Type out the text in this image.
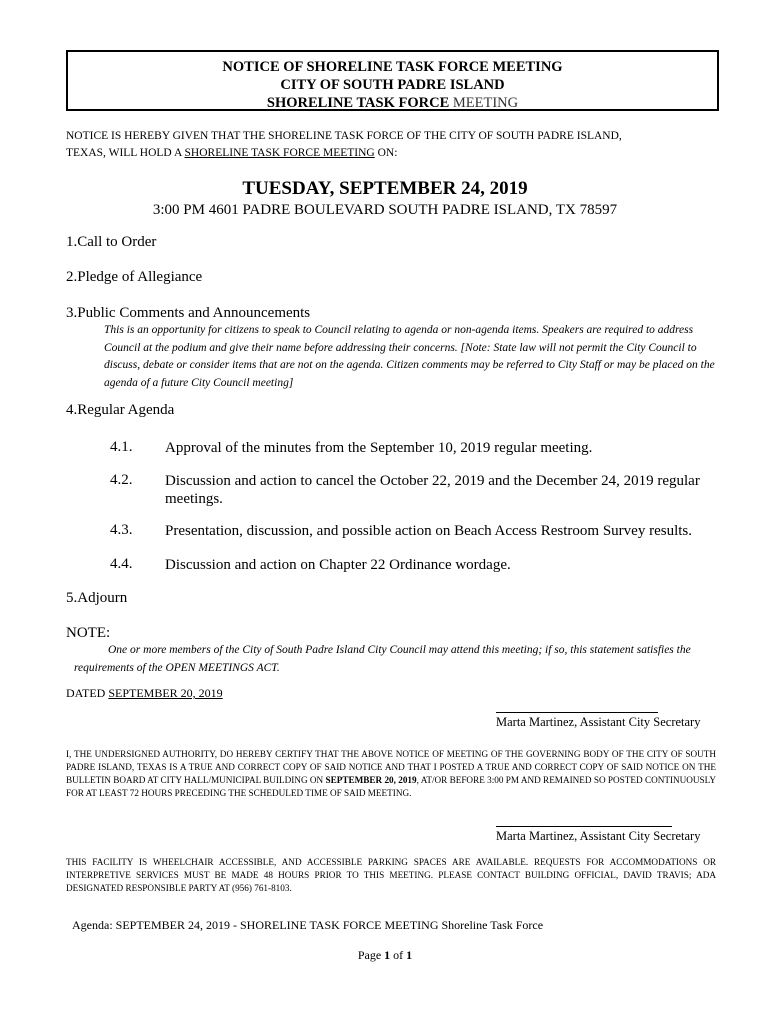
NOTICE OF SHORELINE TASK FORCE MEETING
CITY OF SOUTH PADRE ISLAND
SHORELINE TASK FORCE MEETING
NOTICE IS HEREBY GIVEN THAT THE SHORELINE TASK FORCE OF THE CITY OF SOUTH PADRE ISLAND,
TEXAS, WILL HOLD A SHORELINE TASK FORCE MEETING ON:
TUESDAY, SEPTEMBER 24, 2019
3:00 PM 4601 PADRE BOULEVARD SOUTH PADRE ISLAND, TX 78597
1.Call to Order
2.Pledge of Allegiance
3.Public Comments and Announcements
This is an opportunity for citizens to speak to Council relating to agenda or non-agenda items. Speakers are required to address Council at the podium and give their name before addressing their concerns. [Note: State law will not permit the City Council to discuss, debate or consider items that are not on the agenda. Citizen comments may be referred to City Staff or may be placed on the agenda of a future City Council meeting]
4.Regular Agenda
4.1. Approval of the minutes from the September 10, 2019 regular meeting.
4.2. Discussion and action to cancel the October 22, 2019 and the December 24, 2019 regular meetings.
4.3. Presentation, discussion, and possible action on Beach Access Restroom Survey results.
4.4. Discussion and action on Chapter 22 Ordinance wordage.
5.Adjourn
NOTE:
One or more members of the City of South Padre Island City Council may attend this meeting; if so, this statement satisfies the requirements of the OPEN MEETINGS ACT.
DATED SEPTEMBER 20, 2019
Marta Martinez, Assistant City Secretary
I, THE UNDERSIGNED AUTHORITY, DO HEREBY CERTIFY THAT THE ABOVE NOTICE OF MEETING OF THE GOVERNING BODY OF THE CITY OF SOUTH PADRE ISLAND, TEXAS IS A TRUE AND CORRECT COPY OF SAID NOTICE AND THAT I POSTED A TRUE AND CORRECT COPY OF SAID NOTICE ON THE BULLETIN BOARD AT CITY HALL/MUNICIPAL BUILDING ON SEPTEMBER 20, 2019, AT/OR BEFORE 3:00 PM AND REMAINED SO POSTED CONTINUOUSLY FOR AT LEAST 72 HOURS PRECEDING THE SCHEDULED TIME OF SAID MEETING.
Marta Martinez, Assistant City Secretary
THIS FACILITY IS WHEELCHAIR ACCESSIBLE, AND ACCESSIBLE PARKING SPACES ARE AVAILABLE. REQUESTS FOR ACCOMMODATIONS OR INTERPRETIVE SERVICES MUST BE MADE 48 HOURS PRIOR TO THIS MEETING. PLEASE CONTACT BUILDING OFFICIAL, DAVID TRAVIS; ADA DESIGNATED RESPONSIBLE PARTY AT (956) 761-8103.
Agenda: SEPTEMBER 24, 2019 - SHORELINE TASK FORCE MEETING Shoreline Task Force
Page 1 of 1
